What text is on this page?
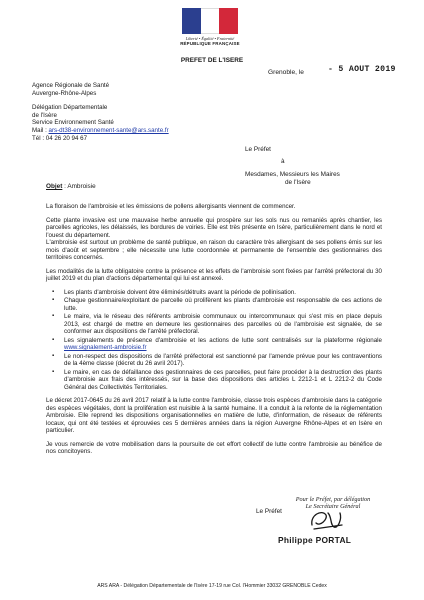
Liberté • Égalité • Fraternité
RÉPUBLIQUE FRANÇAISE
PREFET DE L'ISERE
Grenoble, le	- 5 AOUT 2019
Agence Régionale de Santé
Auvergne-Rhône-Alpes
Délégation Départementale
de l'Isère
Service Environnement Santé
Mail : ars-dt38-environnement-sante@ars.sante.fr
Tél : 04 26 20 94 67
Le Préfet
à
Mesdames, Messieurs les Maires
de l'Isère
Objet : Ambroisie

La floraison de l'ambroisie et les émissions de pollens allergisants viennent de commencer.

Cette plante invasive est une mauvaise herbe annuelle qui prospère sur les sols nus ou remaniés après chantier, les parcelles agricoles, les délaissés, les bordures de voiries. Elle est très présente en Isère, particulièrement dans le nord et l'ouest du département.

L'ambroisie est surtout un problème de santé publique, en raison du caractère très allergisant de ses pollens émis sur les mois d'août et septembre ; elle nécessite une lutte coordonnée et permanente de l'ensemble des gestionnaires des territoires concernés.

Les modalités de la lutte obligatoire contre la présence et les effets de l'ambroisie sont fixées par l'arrêté préfectoral du 30 juillet 2019 et du plan d'actions départemental qui lui est annexé.

▪ Les plants d'ambroisie doivent être éliminés/détruits avant la période de pollinisation.
▪ Chaque gestionnaire/exploitant de parcelle où prolifèrent les plants d'ambroisie est responsable de ces actions de lutte.
▪ Le maire, via le réseau des référents ambroisie communaux ou intercommunaux qui s'est mis en place depuis 2013, est chargé de mettre en demeure les gestionnaires des parcelles où de l'ambroisie est signalée, de se conformer aux dispositions de l'arrêté préfectoral.
▪ Les signalements de présence d'ambroisie et les actions de lutte sont centralisés sur la plateforme régionale www.signalement-ambroisie.fr
▪ Le non-respect des dispositions de l'arrêté préfectoral est sanctionné par l'amende prévue pour les contraventions de la 4ème classe (décret du 26 avril 2017).
▪ Le maire, en cas de défaillance des gestionnaires de ces parcelles, peut faire procéder à la destruction des plants d'ambroisie aux frais des intéressés, sur la base des dispositions des articles L 2212-1 et L 2212-2 du Code Général des Collectivités Territoriales.

Le décret 2017-0645 du 26 avril 2017 relatif à la lutte contre l'ambroisie, classe trois espèces d'ambroisie dans la catégorie des espèces végétales, dont la prolifération est nuisible à la santé humaine. Il a conduit à la refonte de la réglementation Ambroisie. Elle reprend les dispositions organisationnelles en matière de lutte, d'information, de réseaux de référents locaux, qui ont été testées et éprouvées ces 5 dernières années dans la région Auvergne Rhône-Alpes et en Isère en particulier.

Je vous remercie de votre mobilisation dans la poursuite de cet effort collectif de lutte contre l'ambroisie au bénéfice de nos concitoyens.

Le Préfet
Pour le Préfet, par délégation
Le Secrétaire Général
Philippe PORTAL
ARS ARA - Délégation Départementale de l'Isère 17-19 rue Col. l'Hommier 33032 GRENOBLE Cedex
